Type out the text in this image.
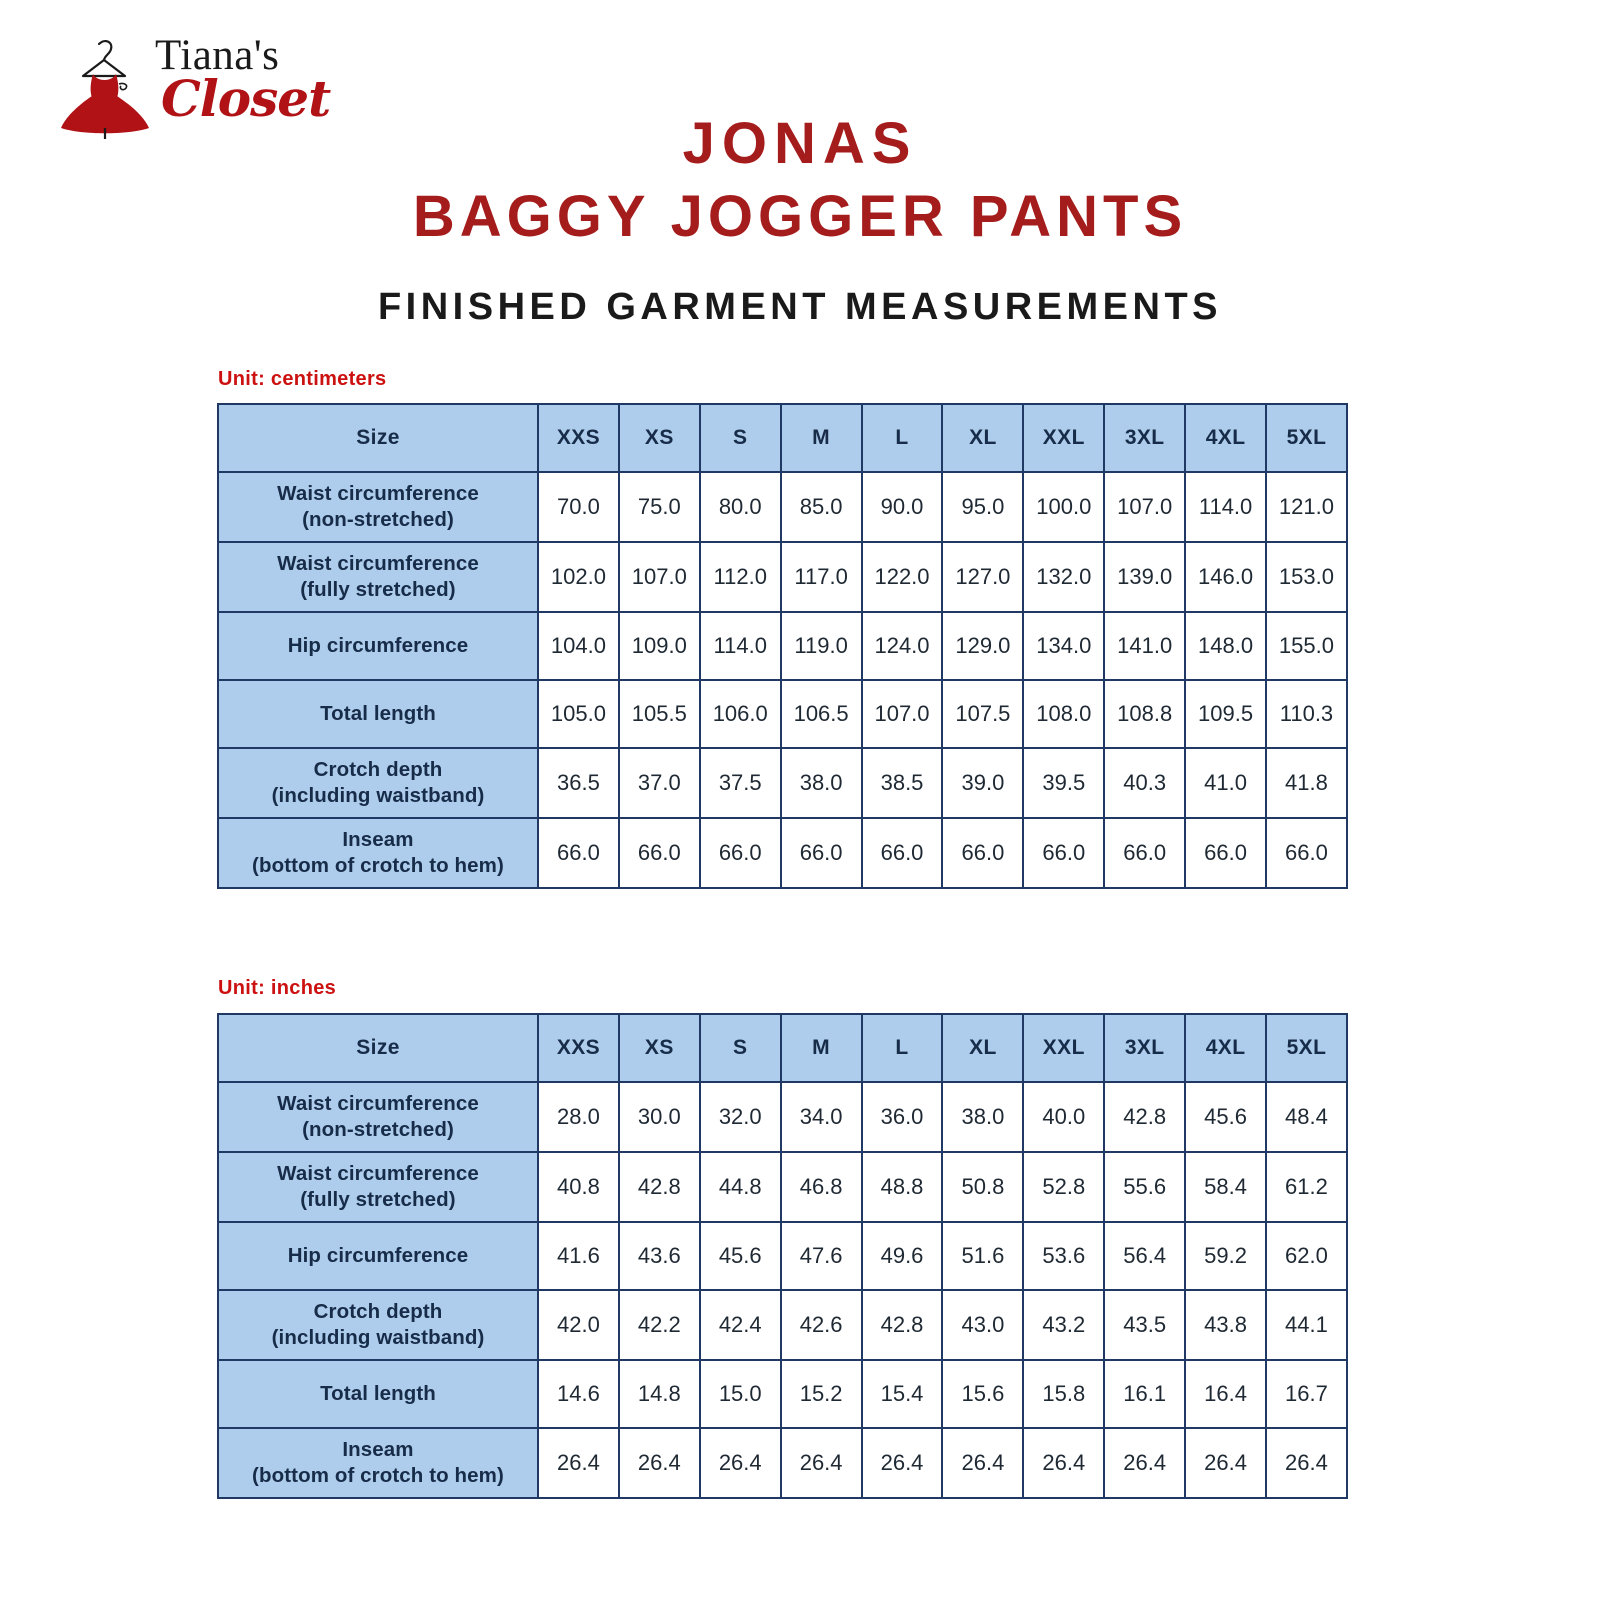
Tiana's
Closet
JONAS
BAGGY JOGGER PANTS
FINISHED GARMENT MEASUREMENTS
Unit: centimeters
Unit: inches
Size	XXS	XS	S	M	L	XL	XXL	3XL	4XL	5XL

Waist circumference
(non-stretched)	70.0	75.0	80.0	85.0	90.0	95.0	100.0	107.0	114.0	121.0

Waist circumference
(fully stretched)	102.0	107.0	112.0	117.0	122.0	127.0	132.0	139.0	146.0	153.0

Hip circumference	104.0	109.0	114.0	119.0	124.0	129.0	134.0	141.0	148.0	155.0

Total length	105.0	105.5	106.0	106.5	107.0	107.5	108.0	108.8	109.5	110.3

Crotch depth
(including waistband)	36.5	37.0	37.5	38.0	38.5	39.0	39.5	40.3	41.0	41.8

Inseam
(bottom of crotch to hem)	66.0	66.0	66.0	66.0	66.0	66.0	66.0	66.0	66.0	66.0
Size	XXS	XS	S	M	L	XL	XXL	3XL	4XL	5XL

Waist circumference
(non-stretched)	28.0	30.0	32.0	34.0	36.0	38.0	40.0	42.8	45.6	48.4

Waist circumference
(fully stretched)	40.8	42.8	44.8	46.8	48.8	50.8	52.8	55.6	58.4	61.2

Hip circumference	41.6	43.6	45.6	47.6	49.6	51.6	53.6	56.4	59.2	62.0

Crotch depth
(including waistband)	42.0	42.2	42.4	42.6	42.8	43.0	43.2	43.5	43.8	44.1

Total length	14.6	14.8	15.0	15.2	15.4	15.6	15.8	16.1	16.4	16.7

Inseam
(bottom of crotch to hem)	26.4	26.4	26.4	26.4	26.4	26.4	26.4	26.4	26.4	26.4
